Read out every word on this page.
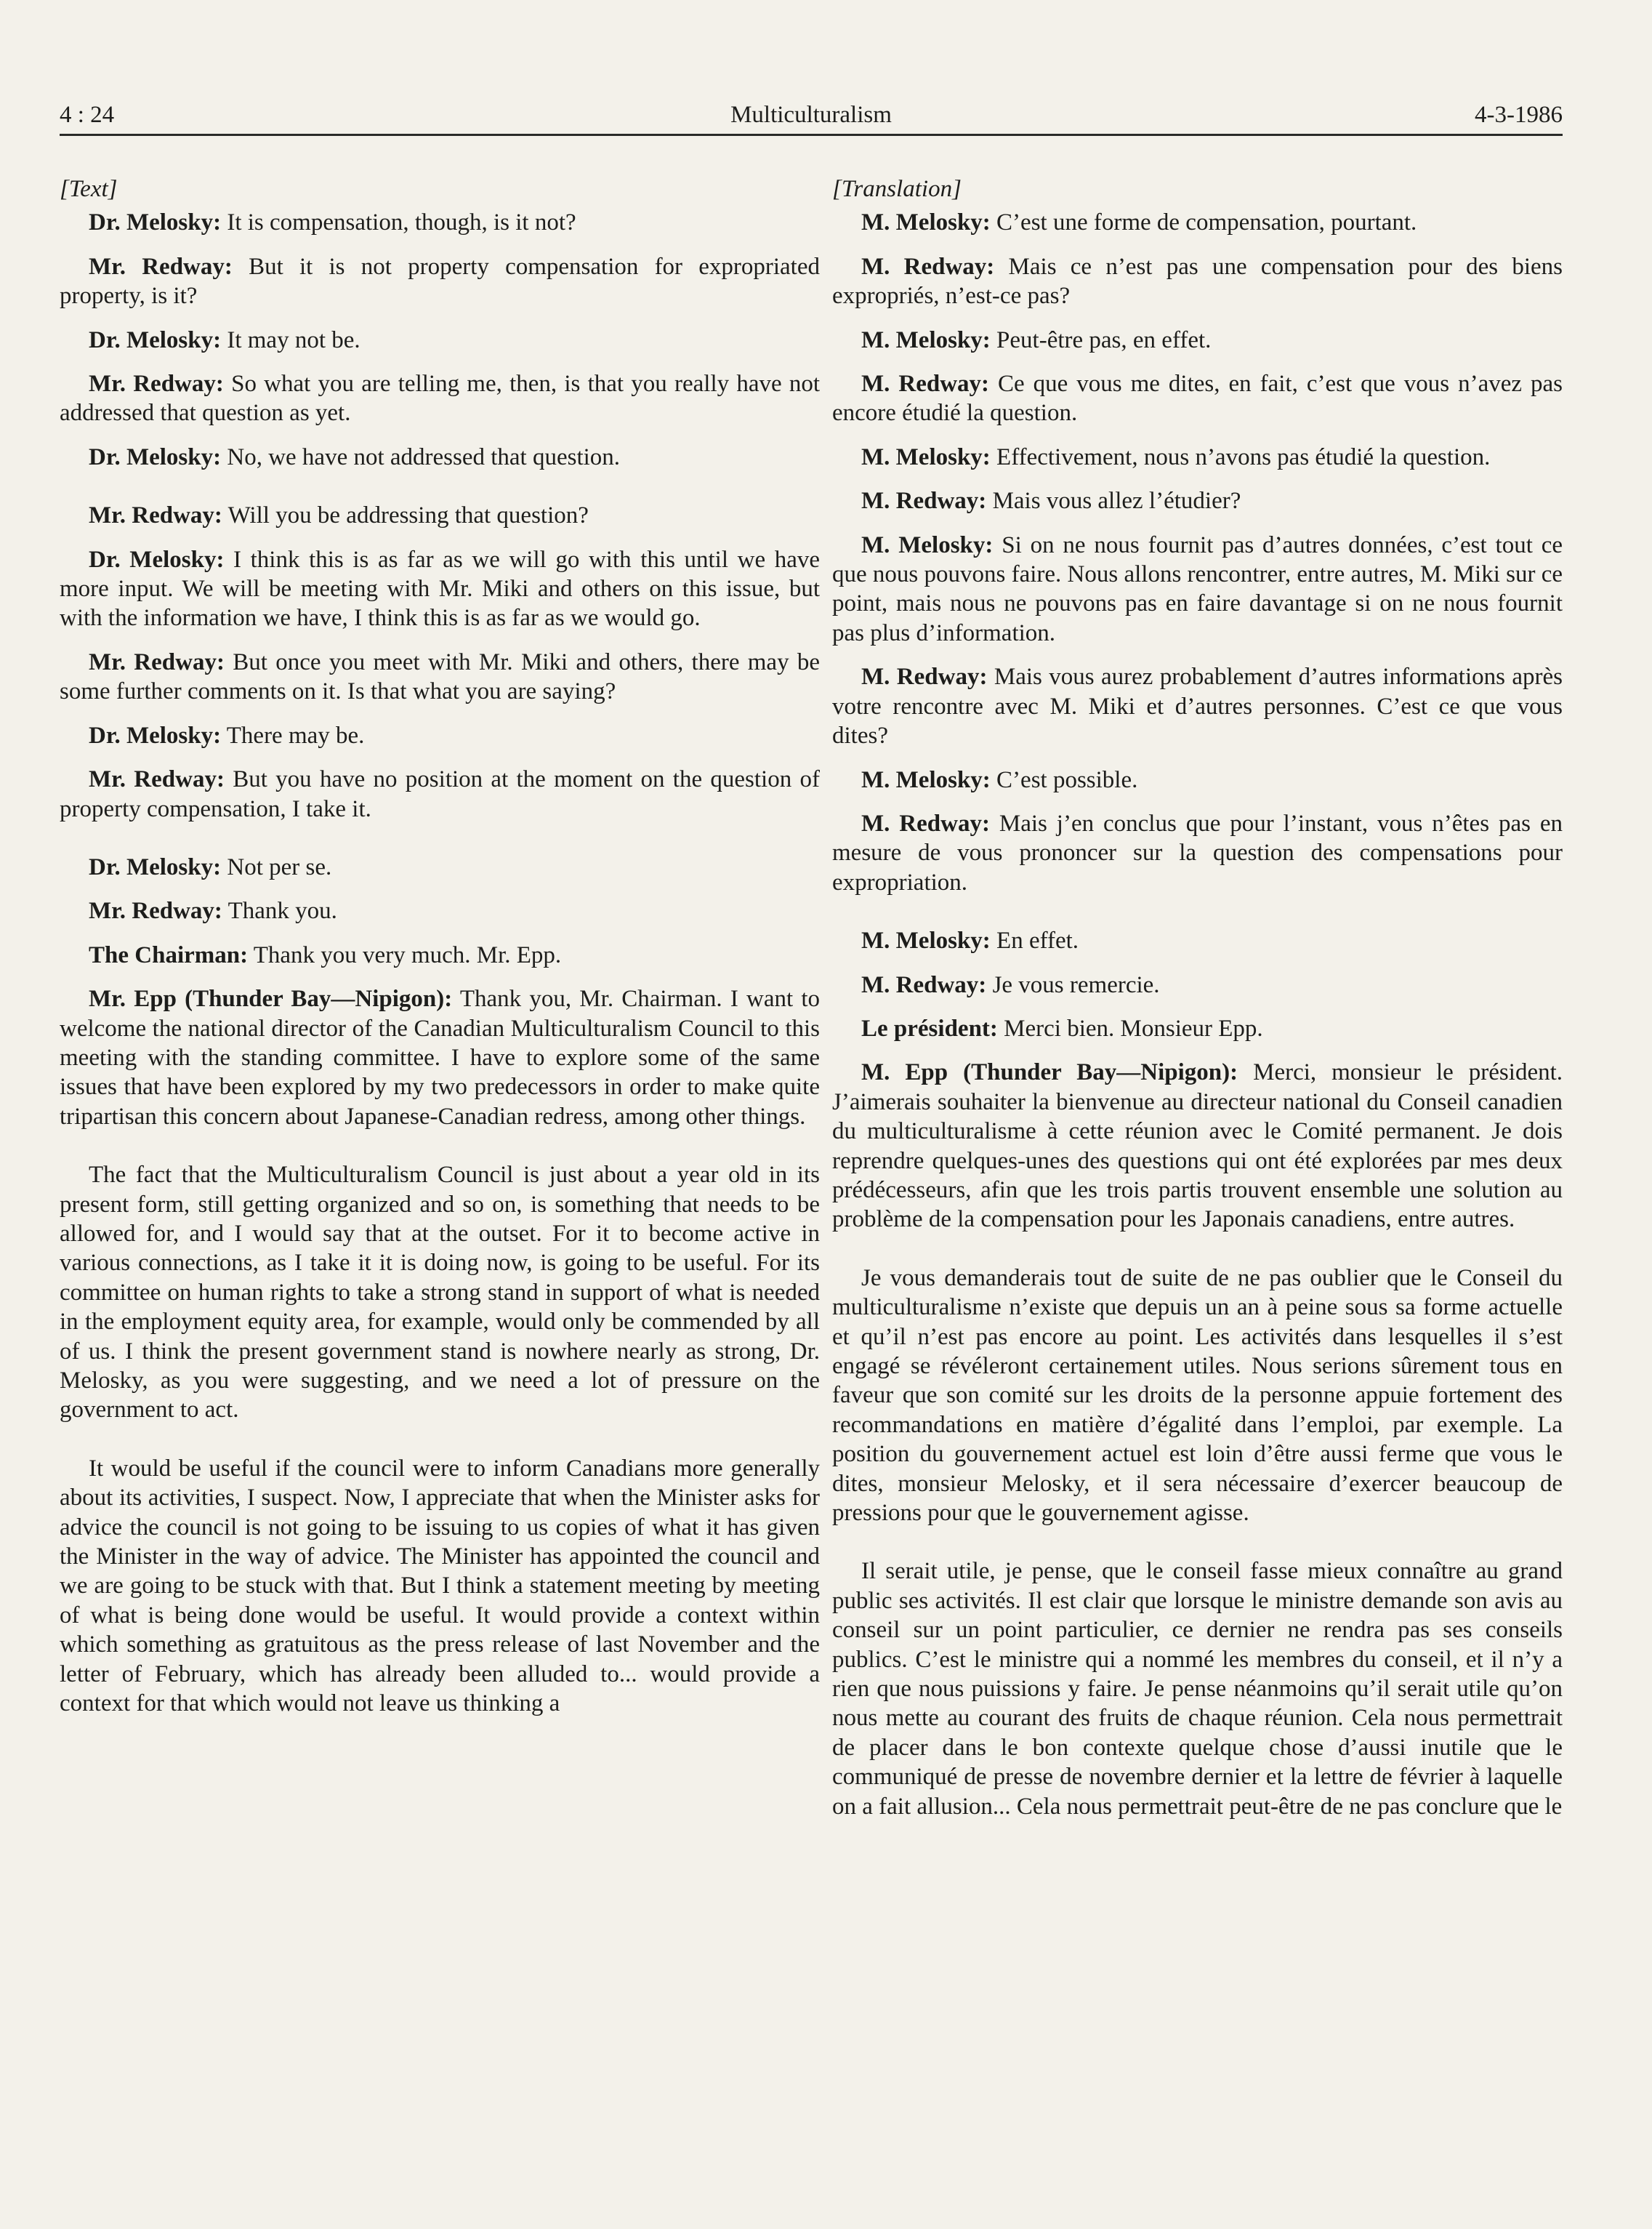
4 : 24	Multiculturalism	4-3-1986
[Text]

Dr. Melosky: It is compensation, though, is it not?

Mr. Redway: But it is not property compensation for expropriated property, is it?

Dr. Melosky: It may not be.

Mr. Redway: So what you are telling me, then, is that you really have not addressed that question as yet.

Dr. Melosky: No, we have not addressed that question.

Mr. Redway: Will you be addressing that question?

Dr. Melosky: I think this is as far as we will go with this until we have more input. We will be meeting with Mr. Miki and others on this issue, but with the information we have, I think this is as far as we would go.

Mr. Redway: But once you meet with Mr. Miki and others, there may be some further comments on it. Is that what you are saying?

Dr. Melosky: There may be.

Mr. Redway: But you have no position at the moment on the question of property compensation, I take it.

Dr. Melosky: Not per se.

Mr. Redway: Thank you.

The Chairman: Thank you very much. Mr. Epp.

Mr. Epp (Thunder Bay—Nipigon): Thank you, Mr. Chairman. I want to welcome the national director of the Canadian Multiculturalism Council to this meeting with the standing committee. I have to explore some of the same issues that have been explored by my two predecessors in order to make quite tripartisan this concern about Japanese-Canadian redress, among other things.

The fact that the Multiculturalism Council is just about a year old in its present form, still getting organized and so on, is something that needs to be allowed for, and I would say that at the outset. For it to become active in various connections, as I take it it is doing now, is going to be useful. For its committee on human rights to take a strong stand in support of what is needed in the employment equity area, for example, would only be commended by all of us. I think the present government stand is nowhere nearly as strong, Dr. Melosky, as you were suggesting, and we need a lot of pressure on the government to act.

It would be useful if the council were to inform Canadians more generally about its activities, I suspect. Now, I appreciate that when the Minister asks for advice the council is not going to be issuing to us copies of what it has given the Minister in the way of advice. The Minister has appointed the council and we are going to be stuck with that. But I think a statement meeting by meeting of what is being done would be useful. It would provide a context within which something as gratuitous as the press release of last November and the letter of February, which has already been alluded to... would provide a context for that which would not leave us thinking a

[Translation]

M. Melosky: C’est une forme de compensation, pourtant.

M. Redway: Mais ce n’est pas une compensation pour des biens expropriés, n’est-ce pas?

M. Melosky: Peut-être pas, en effet.

M. Redway: Ce que vous me dites, en fait, c’est que vous n’avez pas encore étudié la question.

M. Melosky: Effectivement, nous n’avons pas étudié la question.

M. Redway: Mais vous allez l’étudier?

M. Melosky: Si on ne nous fournit pas d’autres données, c’est tout ce que nous pouvons faire. Nous allons rencontrer, entre autres, M. Miki sur ce point, mais nous ne pouvons pas en faire davantage si on ne nous fournit pas plus d’information.

M. Redway: Mais vous aurez probablement d’autres informations après votre rencontre avec M. Miki et d’autres personnes. C’est ce que vous dites?

M. Melosky: C’est possible.

M. Redway: Mais j’en conclus que pour l’instant, vous n’êtes pas en mesure de vous prononcer sur la question des compensations pour expropriation.

M. Melosky: En effet.

M. Redway: Je vous remercie.

Le président: Merci bien. Monsieur Epp.

M. Epp (Thunder Bay—Nipigon): Merci, monsieur le président. J’aimerais souhaiter la bienvenue au directeur national du Conseil canadien du multiculturalisme à cette réunion avec le Comité permanent. Je dois reprendre quelques-unes des questions qui ont été explorées par mes deux prédécesseurs, afin que les trois partis trouvent ensemble une solution au problème de la compensation pour les Japonais canadiens, entre autres.

Je vous demanderais tout de suite de ne pas oublier que le Conseil du multiculturalisme n’existe que depuis un an à peine sous sa forme actuelle et qu’il n’est pas encore au point. Les activités dans lesquelles il s’est engagé se révéleront certainement utiles. Nous serions sûrement tous en faveur que son comité sur les droits de la personne appuie fortement des recommandations en matière d’égalité dans l’emploi, par exemple. La position du gouvernement actuel est loin d’être aussi ferme que vous le dites, monsieur Melosky, et il sera nécessaire d’exercer beaucoup de pressions pour que le gouvernement agisse.

Il serait utile, je pense, que le conseil fasse mieux connaître au grand public ses activités. Il est clair que lorsque le ministre demande son avis au conseil sur un point particulier, ce dernier ne rendra pas ses conseils publics. C’est le ministre qui a nommé les membres du conseil, et il n’y a rien que nous puissions y faire. Je pense néanmoins qu’il serait utile qu’on nous mette au courant des fruits de chaque réunion. Cela nous permettrait de placer dans le bon contexte quelque chose d’aussi inutile que le communiqué de presse de novembre dernier et la lettre de février à laquelle on a fait allusion... Cela nous permettrait peut-être de ne pas conclure que le
